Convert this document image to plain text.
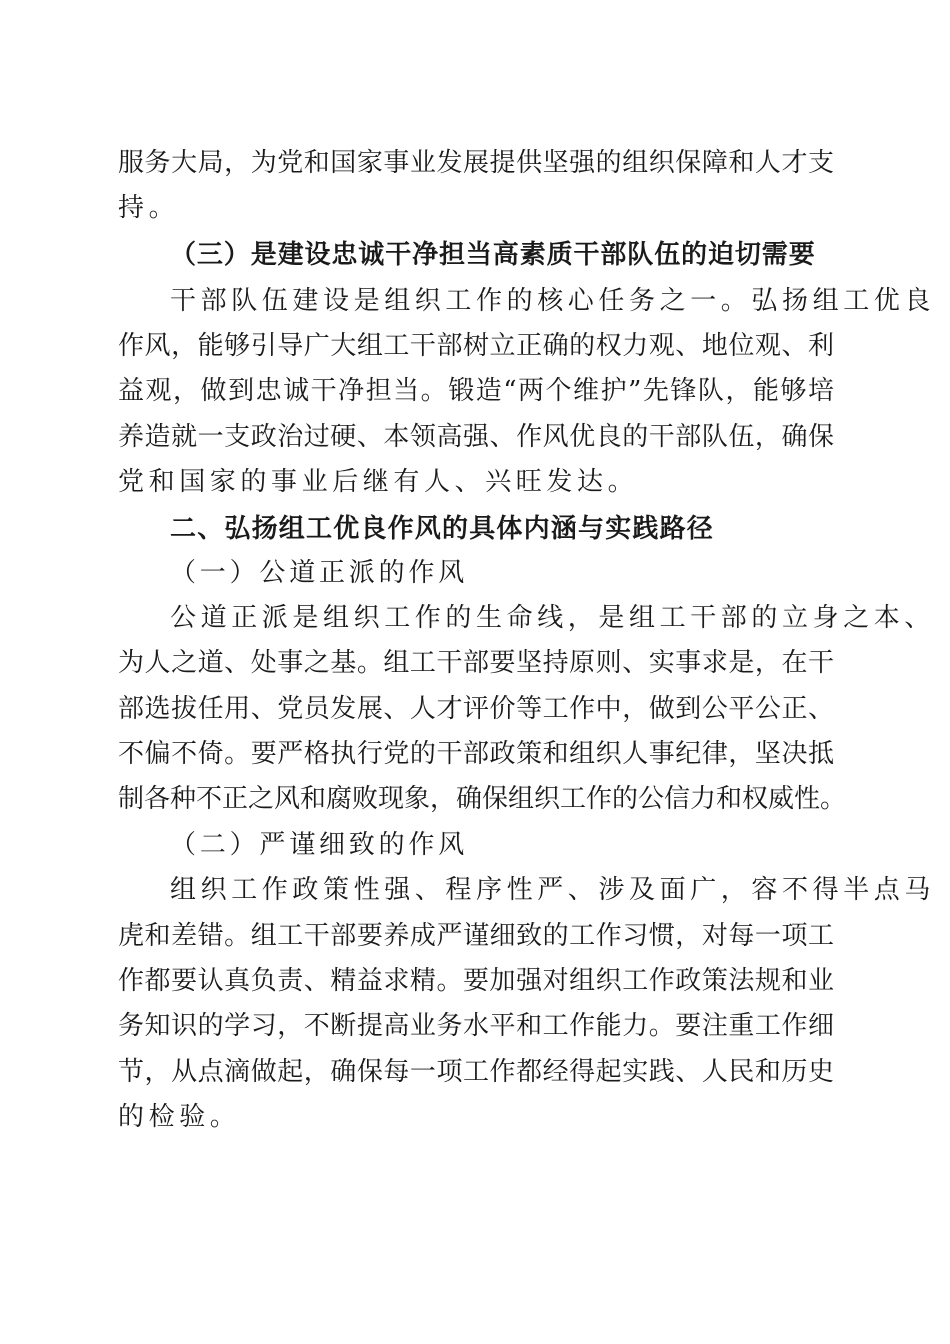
服务大局，为党和国家事业发展提供坚强的组织保障和人才支
持。
（三）是建设忠诚干净担当高素质干部队伍的迫切需要
干部队伍建设是组织工作的核心任务之一。弘扬组工优良
作风，能够引导广大组工干部树立正确的权力观、地位观、利
益观，做到忠诚干净担当。锻造“两个维护”先锋队，能够培
养造就一支政治过硬、本领高强、作风优良的干部队伍，确保
党和国家的事业后继有人、兴旺发达。
二、弘扬组工优良作风的具体内涵与实践路径
（一）公道正派的作风
公道正派是组织工作的生命线，是组工干部的立身之本、
为人之道、处事之基。组工干部要坚持原则、实事求是，在干
部选拔任用、党员发展、人才评价等工作中，做到公平公正、
不偏不倚。要严格执行党的干部政策和组织人事纪律，坚决抵
制各种不正之风和腐败现象，确保组织工作的公信力和权威性。
（二）严谨细致的作风
组织工作政策性强、程序性严、涉及面广，容不得半点马
虎和差错。组工干部要养成严谨细致的工作习惯，对每一项工
作都要认真负责、精益求精。要加强对组织工作政策法规和业
务知识的学习，不断提高业务水平和工作能力。要注重工作细
节，从点滴做起，确保每一项工作都经得起实践、人民和历史
的检验。
